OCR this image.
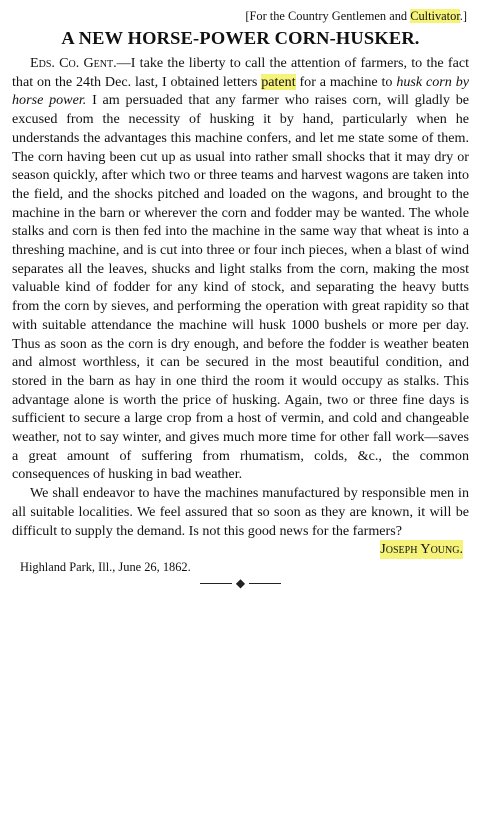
[For the Country Gentlemen and Cultivator.]
A NEW HORSE-POWER CORN-HUSKER.

Eds. Co. Gent.—I take the liberty to call the attention of farmers, to the fact that on the 24th Dec. last, I obtained letters patent for a machine to husk corn by horse power. I am persuaded that any farmer who raises corn, will gladly be excused from the necessity of husking it by hand, particularly when he understands the advantages this machine confers, and let me state some of them. The corn having been cut up as usual into rather small shocks that it may dry or season quickly, after which two or three teams and harvest wagons are taken into the field, and the shocks pitched and loaded on the wagons, and brought to the machine in the barn or wherever the corn and fodder may be wanted. The whole stalks and corn is then fed into the machine in the same way that wheat is into a threshing machine, and is cut into three or four inch pieces, when a blast of wind separates all the leaves, shucks and light stalks from the corn, making the most valuable kind of fodder for any kind of stock, and separating the heavy butts from the corn by sieves, and performing the operation with great rapidity so that with suitable attendance the machine will husk 1000 bushels or more per day. Thus as soon as the corn is dry enough, and before the fodder is weather beaten and almost worthless, it can be secured in the most beautiful condition, and stored in the barn as hay in one third the room it would occupy as stalks. This advantage alone is worth the price of husking. Again, two or three fine days is sufficient to secure a large crop from a host of vermin, and cold and changeable weather, not to say winter, and gives much more time for other fall work—saves a great amount of suffering from rhumatism, colds, &c., the common consequences of husking in bad weather.

We shall endeavor to have the machines manufactured by responsible men in all suitable localities. We feel assured that so soon as they are known, it will be difficult to supply the demand. Is not this good news for the farmers?

Joseph Young.
Highland Park, Ill., June 26, 1862.
◆
